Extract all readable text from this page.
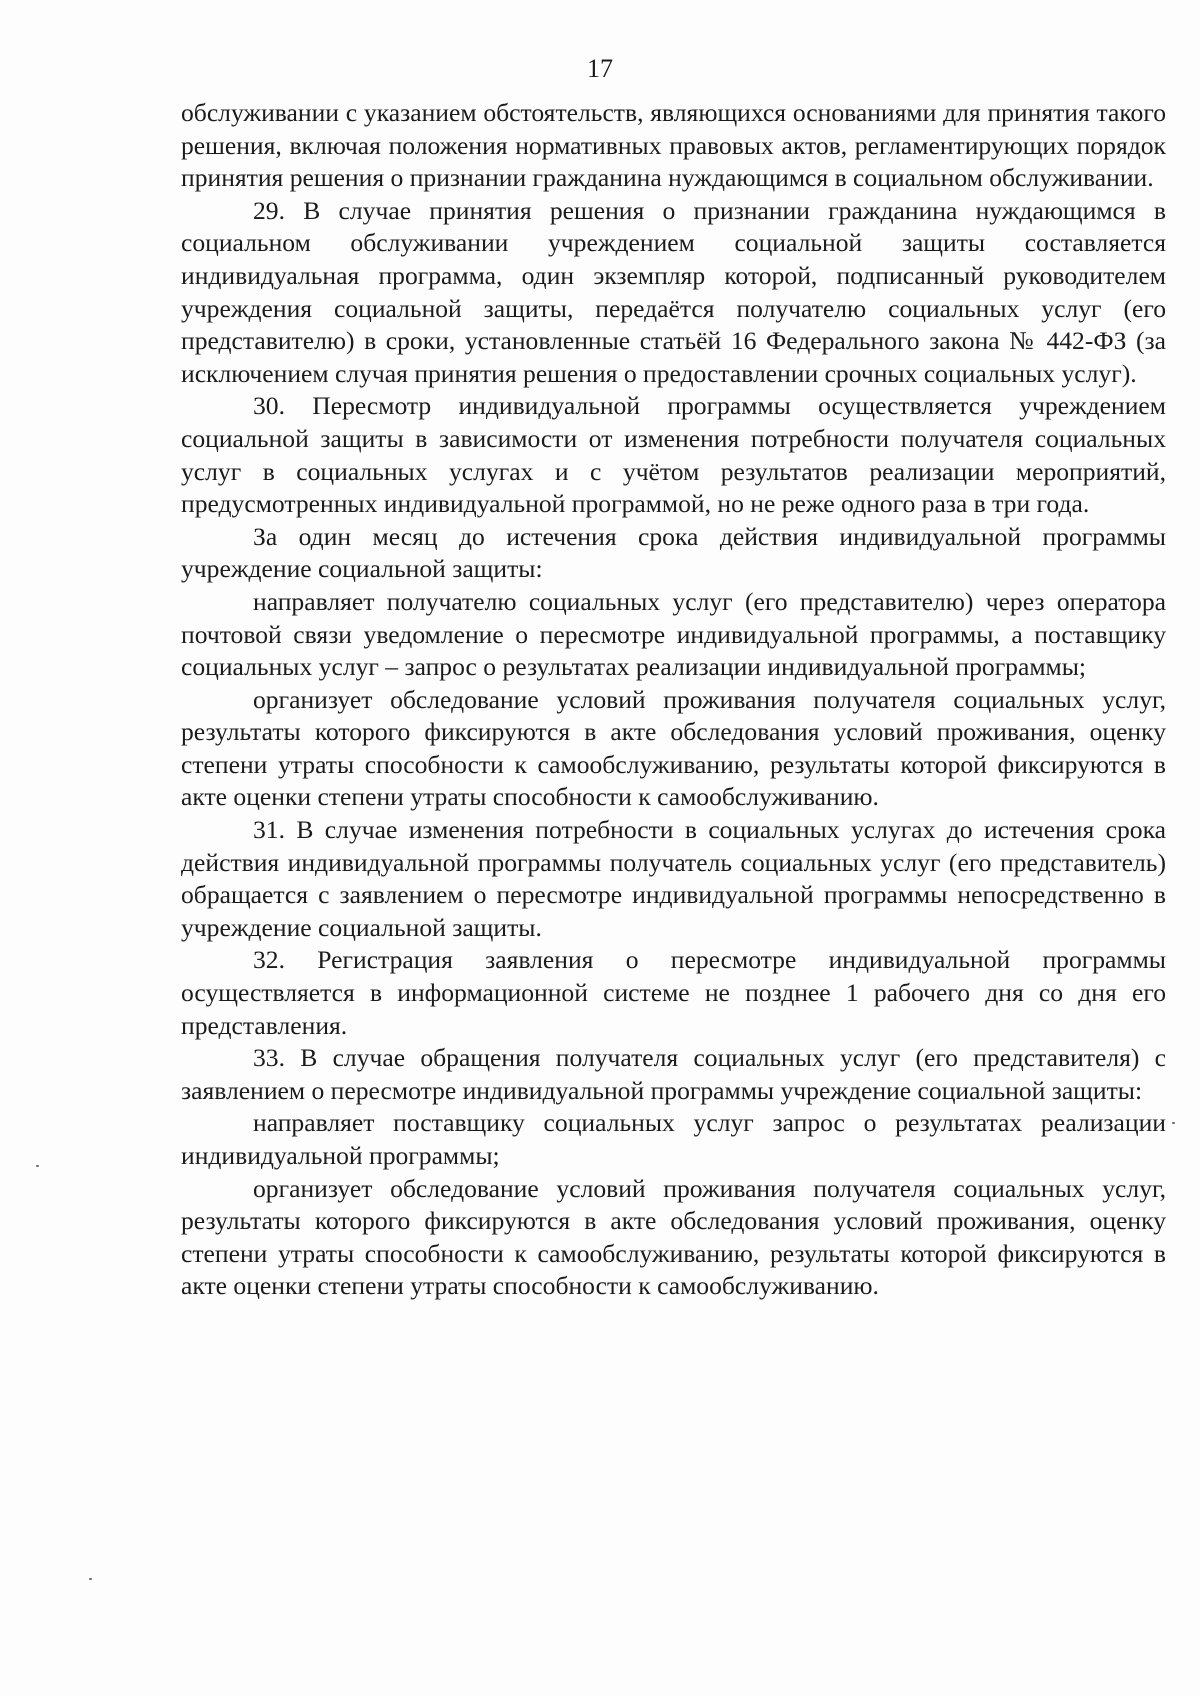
17

обслуживании с указанием обстоятельств, являющихся основаниями для принятия такого решения, включая положения нормативных правовых актов, регламентирующих порядок принятия решения о признании гражданина нуждающимся в социальном обслуживании.

29. В случае принятия решения о признании гражданина нуждающимся в социальном обслуживании учреждением социальной защиты составляется индивидуальная программа, один экземпляр которой, подписанный руководителем учреждения социальной защиты, передаётся получателю социальных услуг (его представителю) в сроки, установленные статьёй 16 Федерального закона № 442-ФЗ (за исключением случая принятия решения о предоставлении срочных социальных услуг).

30. Пересмотр индивидуальной программы осуществляется учреждением социальной защиты в зависимости от изменения потребности получателя социальных услуг в социальных услугах и с учётом результатов реализации мероприятий, предусмотренных индивидуальной программой, но не реже одного раза в три года.

За один месяц до истечения срока действия индивидуальной программы учреждение социальной защиты:

направляет получателю социальных услуг (его представителю) через оператора почтовой связи уведомление о пересмотре индивидуальной программы, а поставщику социальных услуг – запрос о результатах реализации индивидуальной программы;

организует обследование условий проживания получателя социальных услуг, результаты которого фиксируются в акте обследования условий проживания, оценку степени утраты способности к самообслуживанию, результаты которой фиксируются в акте оценки степени утраты способности к самообслуживанию.

31. В случае изменения потребности в социальных услугах до истечения срока действия индивидуальной программы получатель социальных услуг (его представитель) обращается с заявлением о пересмотре индивидуальной программы непосредственно в учреждение социальной защиты.

32. Регистрация заявления о пересмотре индивидуальной программы осуществляется в информационной системе не позднее 1 рабочего дня со дня его представления.

33. В случае обращения получателя социальных услуг (его представителя) с заявлением о пересмотре индивидуальной программы учреждение социальной защиты:

направляет поставщику социальных услуг запрос о результатах реализации индивидуальной программы;

организует обследование условий проживания получателя социальных услуг, результаты которого фиксируются в акте обследования условий проживания, оценку степени утраты способности к самообслуживанию, результаты которой фиксируются в акте оценки степени утраты способности к самообслуживанию.
